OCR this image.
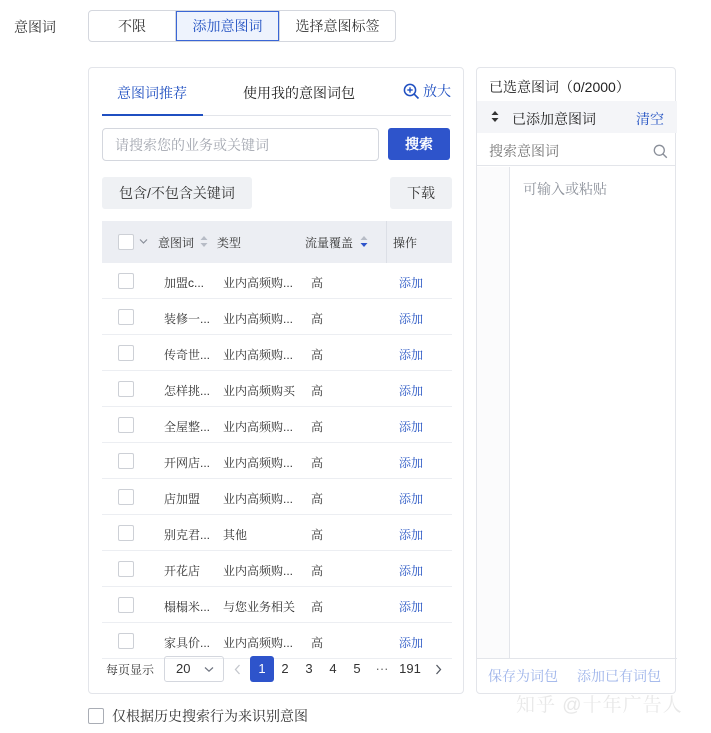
意图词	不限	添加意图词	选择意图标签
意图词推荐	使用我的意图词包	放大
请搜索您的业务或关键词
搜索
包含/不包含关键词	下载
意图词 类型	流量覆盖	操作
加盟c... 业内高频购... 高	添加
装修一... 业内高频购... 高	添加
传奇世... 业内高频购... 高	添加
怎样挑... 业内高频购买 高	添加
全屋整... 业内高频购... 高	添加
开网店... 业内高频购... 高	添加
店加盟 业内高频购... 高	添加
别克君... 其他	高	添加
开花店 业内高频购... 高	添加
榻榻米... 与您业务相关 高	添加
家具价... 业内高频购... 高	添加
每页显示	20	1	2 3 4 5 ··· 191
已选意图词（0/2000）
已添加意图词	清空
搜索意图词
可输入或粘贴
保存为词包 添加已有词包
仅根据历史搜索行为来识别意图	知乎 @十年广告人
